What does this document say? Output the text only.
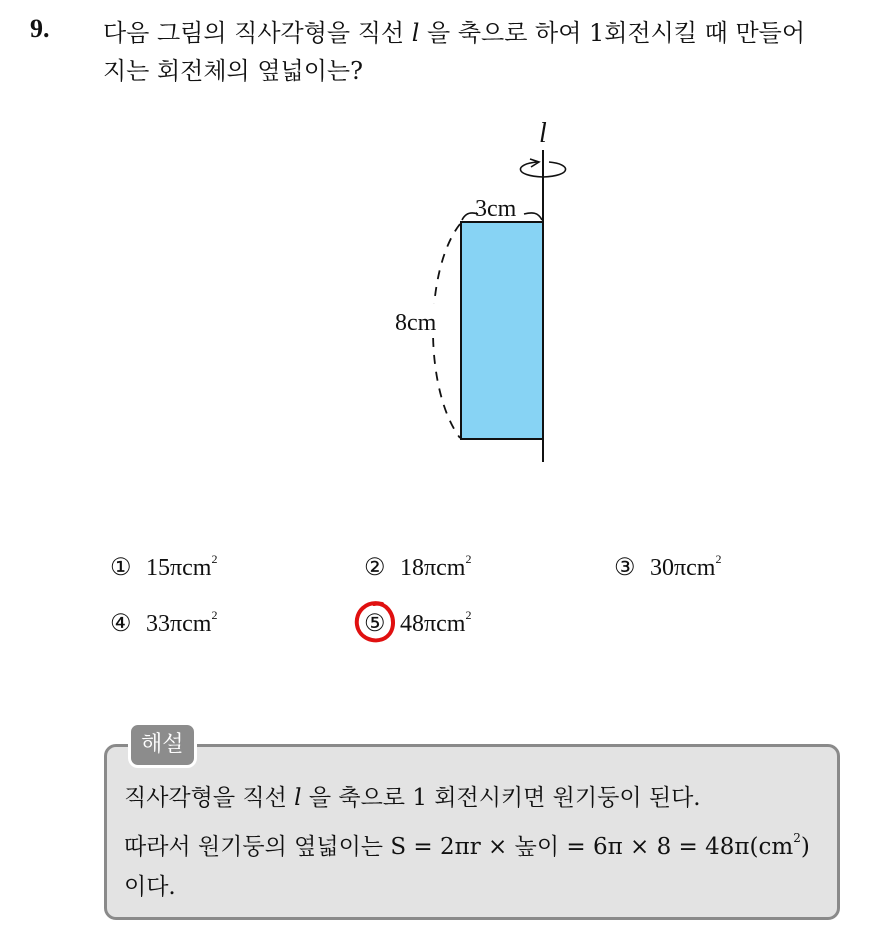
9. 다음 그림의 직사각형을 직선 l 을 축으로 하여 1회전시킬 때 만들어
지는 회전체의 옆넓이는?
l
3cm
8cm
① 15πcm$^2$	② 18πcm$^2$	③ 30πcm$^2$
④ 33πcm$^2$	⑤ 48πcm$^2$
해설
직사각형을 직선 l 을 축으로 1 회전시키면 원기둥이 된다.
따라서 원기둥의 옆넓이는 S = 2πr × 높이 = $6\pi \times 8 = 48\pi(cm^2)$
이다.
